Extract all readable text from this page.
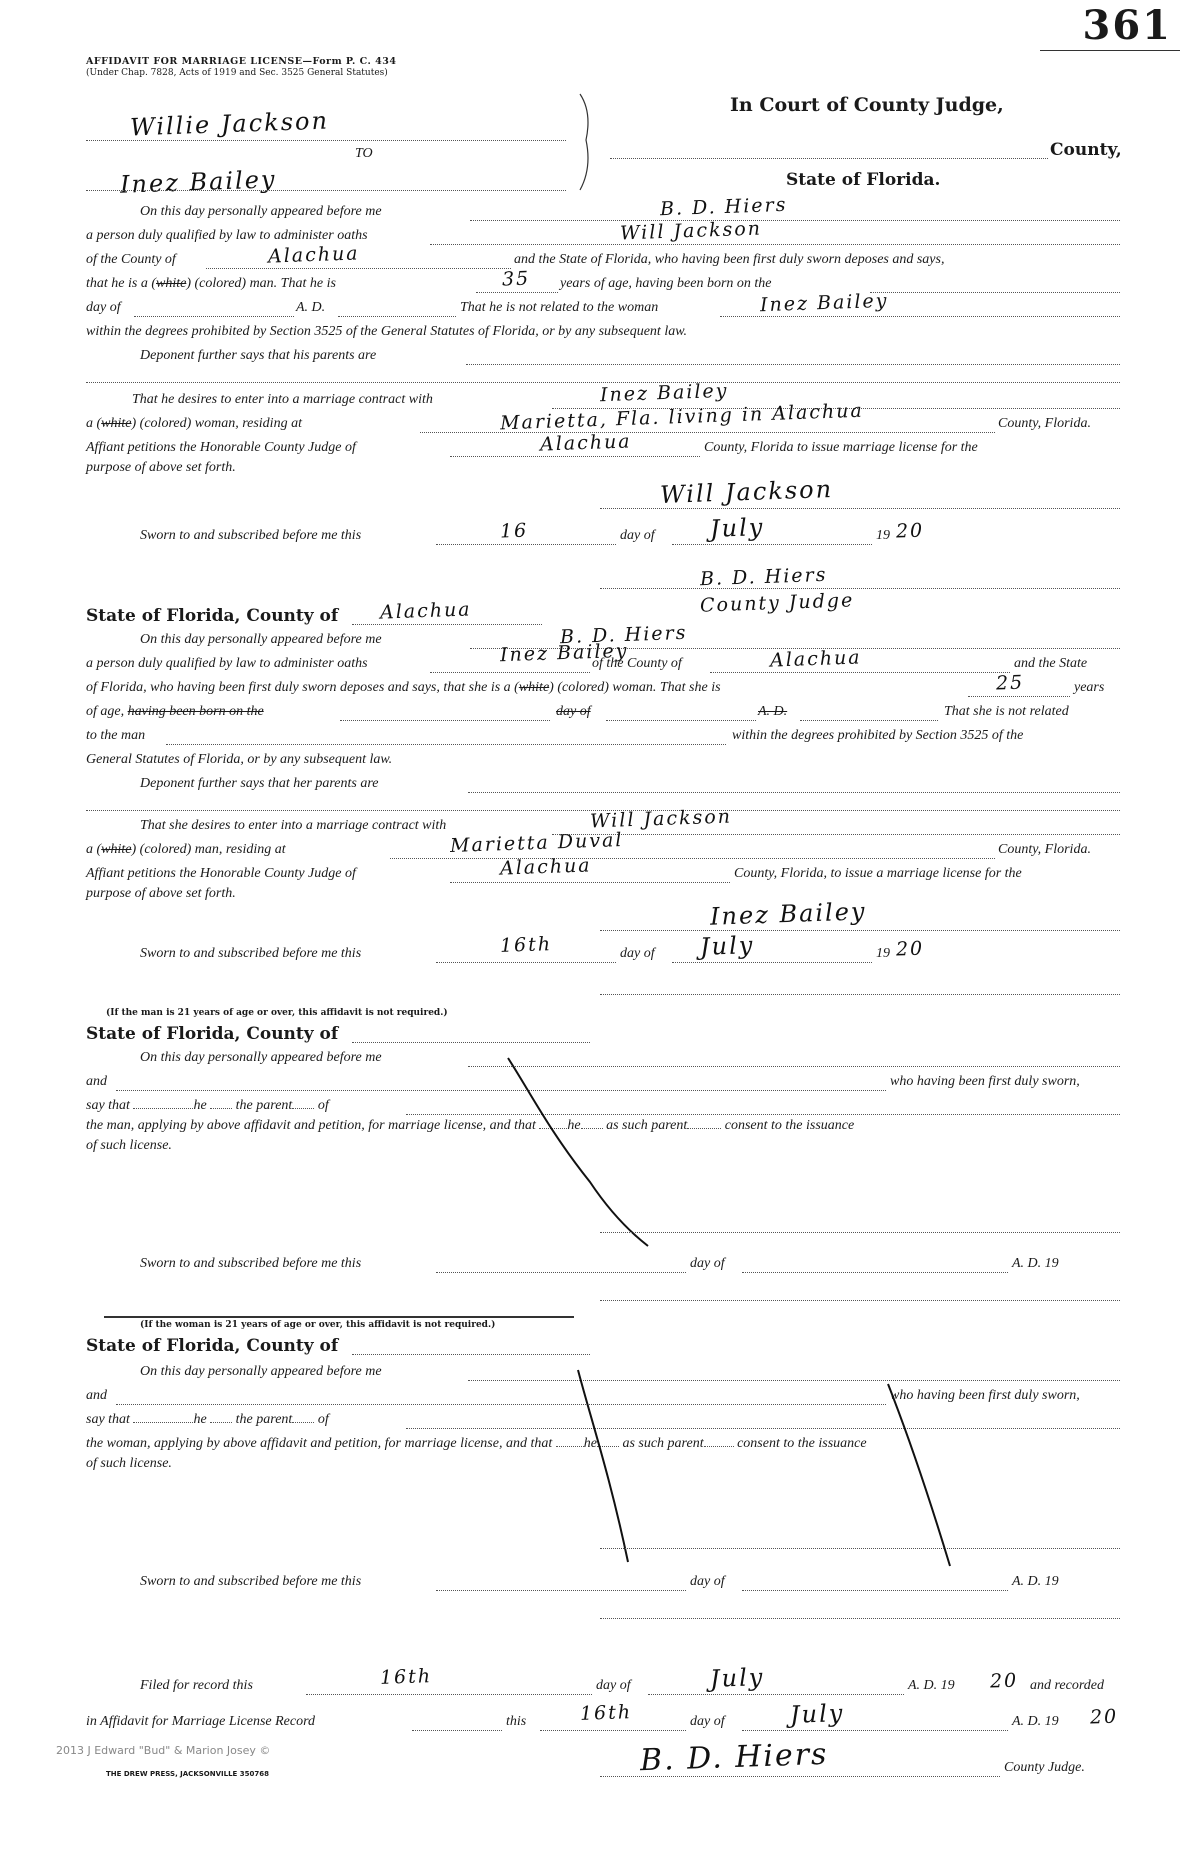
361
AFFIDAVIT FOR MARRIAGE LICENSE—Form P. C. 434
(Under Chap. 7828, Acts of 1919 and Sec. 3525 General Statutes)
Willie Jackson
TO
Inez Bailey
In Court of County Judge,
County,
State of Florida.
On this day personally appeared before me	B. D. Hiers
a person duly qualified by law to administer oaths	Will Jackson
of the County of	Alachua	and the State of Florida, who having been first duly sworn deposes and says,
that he is a (white) (colored) man. That he is	35 years of age, having been born on the
day of	A. D.	That he is not related to the woman	Inez Bailey
within the degrees prohibited by Section 3525 of the General Statutes of Florida, or by any subsequent law.
Deponent further says that his parents are
That he desires to enter into a marriage contract with	Inez Bailey
a (white) (colored) woman, residing at	Marietta, Fla. living in Alachua	County, Florida.
Affiant petitions the Honorable County Judge of	Alachua	County, Florida to issue marriage license for the
purpose of above set forth.
Will Jackson
Sworn to and subscribed before me this	16	day of July	19 20
B. D. Hiers
County Judge
State of Florida, County of Alachua
On this day personally appeared before me	B. D. Hiers
a person duly qualified by law to administer oaths	Inez Bailey
of the County of	Alachua	and the State
of Florida, who having been first duly sworn deposes and says, that she is a (white) (colored) woman. That she is	25	years
of age, having been born on the	day of	A. D.	That she is not related
to the man	within the degrees prohibited by Section 3525 of the
General Statutes of Florida, or by any subsequent law.
Deponent further says that her parents are
That she desires to enter into a marriage contract with	Will Jackson
a (white) (colored) man, residing at	Marietta Duval	County, Florida.
Affiant petitions the Honorable County Judge of	Alachua	County, Florida, to issue a marriage license for the
purpose of above set forth.
Inez Bailey
Sworn to and subscribed before me this	16th	day of July	19 20
(If the man is 21 years of age or over, this affidavit is not required.)
State of Florida, County of
On this day personally appeared before me
and	who having been first duly sworn,
say that	he the parent of
the man, applying by above affidavit and petition, for marriage license, and that he as such parent	consent to the issuance
of such license.
Sworn to and subscribed before me this	day of	A. D. 19
(If the woman is 21 years of age or over, this affidavit is not required.)
State of Florida, County of
On this day personally appeared before me
and	who having been first duly sworn,
say that	he the parent of
the woman, applying by above affidavit and petition, for marriage license, and that he as such parent consent to the issuance
of such license.
Sworn to and subscribed before me this	day of	A. D. 19
Filed for record this	16th	day of	July	A. D. 19 20 and recorded
in Affidavit for Marriage License Record	this	16th	day of	July	A. D. 19 20
B. D. Hiers	County Judge.
2013 J Edward "Bud" & Marion Josey ©
THE DREW PRESS, JACKSONVILLE 350768
